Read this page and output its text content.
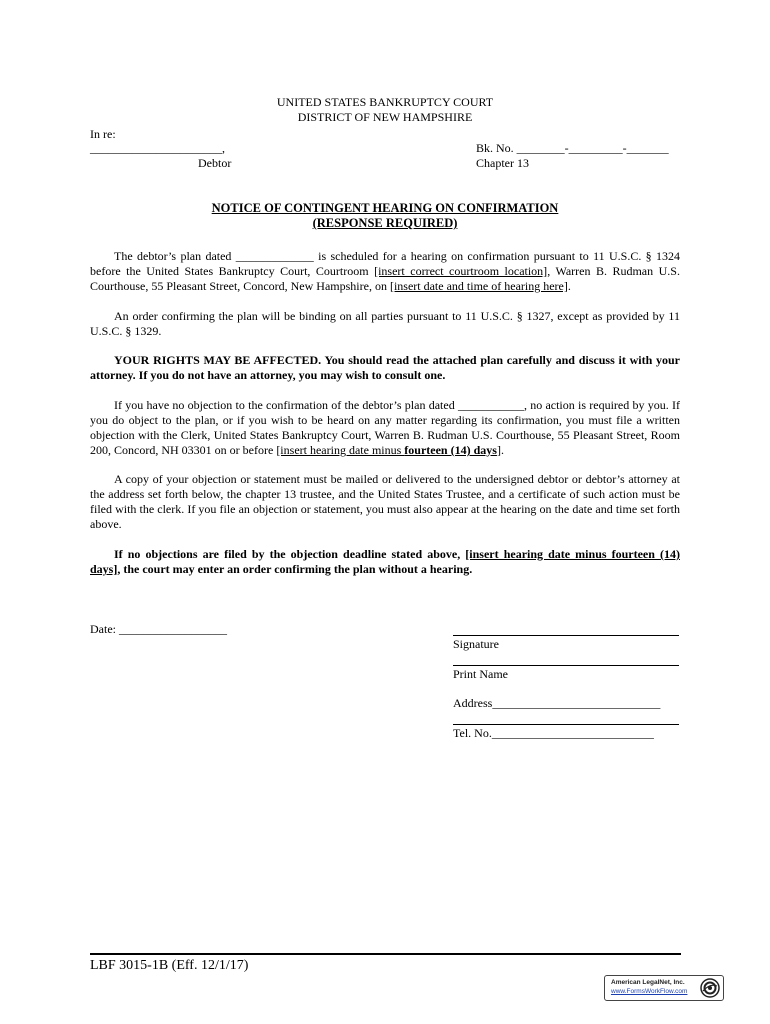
UNITED STATES BANKRUPTCY COURT
DISTRICT OF NEW HAMPSHIRE
In re:
______________________,
Debtor
Bk. No. ________-_________-_______
Chapter 13
NOTICE OF CONTINGENT HEARING ON CONFIRMATION
(RESPONSE REQUIRED)
The debtor’s plan dated _____________ is scheduled for a hearing on confirmation pursuant to 11 U.S.C. § 1324 before the United States Bankruptcy Court, Courtroom [insert correct courtroom location], Warren B. Rudman U.S. Courthouse, 55 Pleasant Street, Concord, New Hampshire, on [insert date and time of hearing here].
An order confirming the plan will be binding on all parties pursuant to 11 U.S.C. § 1327, except as provided by 11 U.S.C. § 1329.
YOUR RIGHTS MAY BE AFFECTED. You should read the attached plan carefully and discuss it with your attorney. If you do not have an attorney, you may wish to consult one.
If you have no objection to the confirmation of the debtor’s plan dated ___________, no action is required by you. If you do object to the plan, or if you wish to be heard on any matter regarding its confirmation, you must file a written objection with the Clerk, United States Bankruptcy Court, Warren B. Rudman U.S. Courthouse, 55 Pleasant Street, Room 200, Concord, NH 03301 on or before [insert hearing date minus fourteen (14) days].
A copy of your objection or statement must be mailed or delivered to the undersigned debtor or debtor’s attorney at the address set forth below, the chapter 13 trustee, and the United States Trustee, and a certificate of such action must be filed with the clerk. If you file an objection or statement, you must also appear at the hearing on the date and time set forth above.
If no objections are filed by the objection deadline stated above, [insert hearing date minus fourteen (14) days], the court may enter an order confirming the plan without a hearing.
Date: __________________
Signature
Print Name
Address____________________________
Tel. No.___________________________
LBF 3015-1B (Eff. 12/1/17)
American LegalNet, Inc.
www.FormsWorkFlow.com
